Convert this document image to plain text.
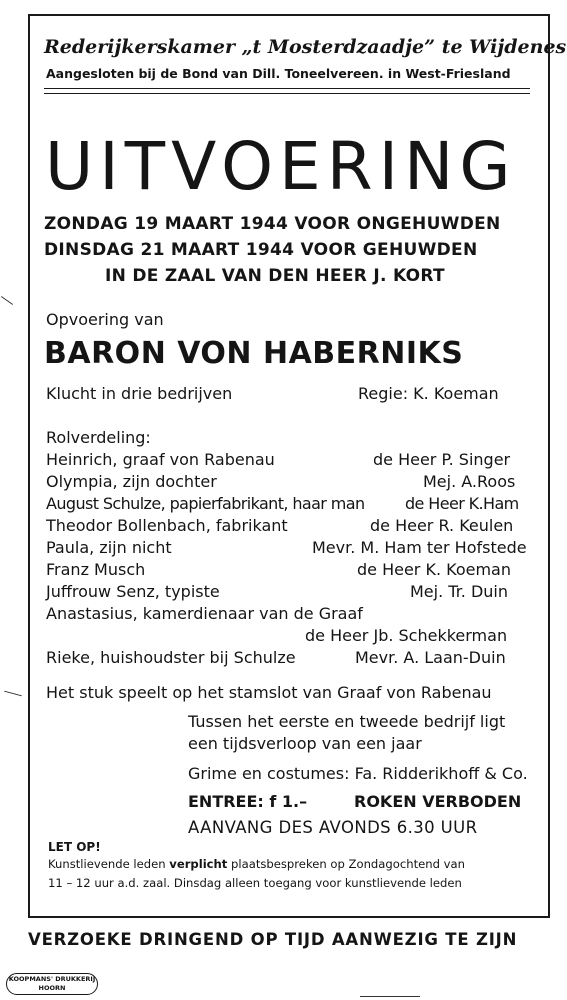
Rederijkerskamer „t Mosterdzaadje” te Wijdenes
Aangesloten bij de Bond van Dill. Toneelvereen. in West-Friesland
UITVOERING
ZONDAG 19 MAART 1944 VOOR ONGEHUWDEN
DINSDAG 21 MAART 1944 VOOR GEHUWDEN
IN DE ZAAL VAN DEN HEER J. KORT
Opvoering van
BARON VON HABERNIKS
Klucht in drie bedrijven	Regie: K. Koeman
Rolverdeling:
Heinrich, graaf von Rabenau	de Heer P. Singer
Olympia, zijn dochter	Mej. A.Roos
August Schulze, papierfabrikant, haar man	de Heer K.Ham
Theodor Bollenbach, fabrikant	de Heer R. Keulen
Paula, zijn nicht	Mevr. M. Ham ter Hofstede
Franz Musch	de Heer K. Koeman
Juffrouw Senz, typiste	Mej. Tr. Duin
Anastasius, kamerdienaar van de Graaf
de Heer Jb. Schekkerman
Rieke, huishoudster bij Schulze	Mevr. A. Laan-Duin
Het stuk speelt op het stamslot van Graaf von Rabenau
Tussen het eerste en tweede bedrijf ligt
een tijdsverloop van een jaar
Grime en costumes: Fa. Ridderikhoff & Co.
ENTREE: f 1.–	ROKEN VERBODEN
AANVANG DES AVONDS 6.30 UUR
LET OP!
Kunstlievende leden verplicht plaatsbespreken op Zondagochtend van
11 – 12 uur a.d. zaal. Dinsdag alleen toegang voor kunstlievende leden
VERZOEKE DRINGEND OP TIJD AANWEZIG TE ZIJN
KOOPMANS' DRUKKERIJ
HOORN
